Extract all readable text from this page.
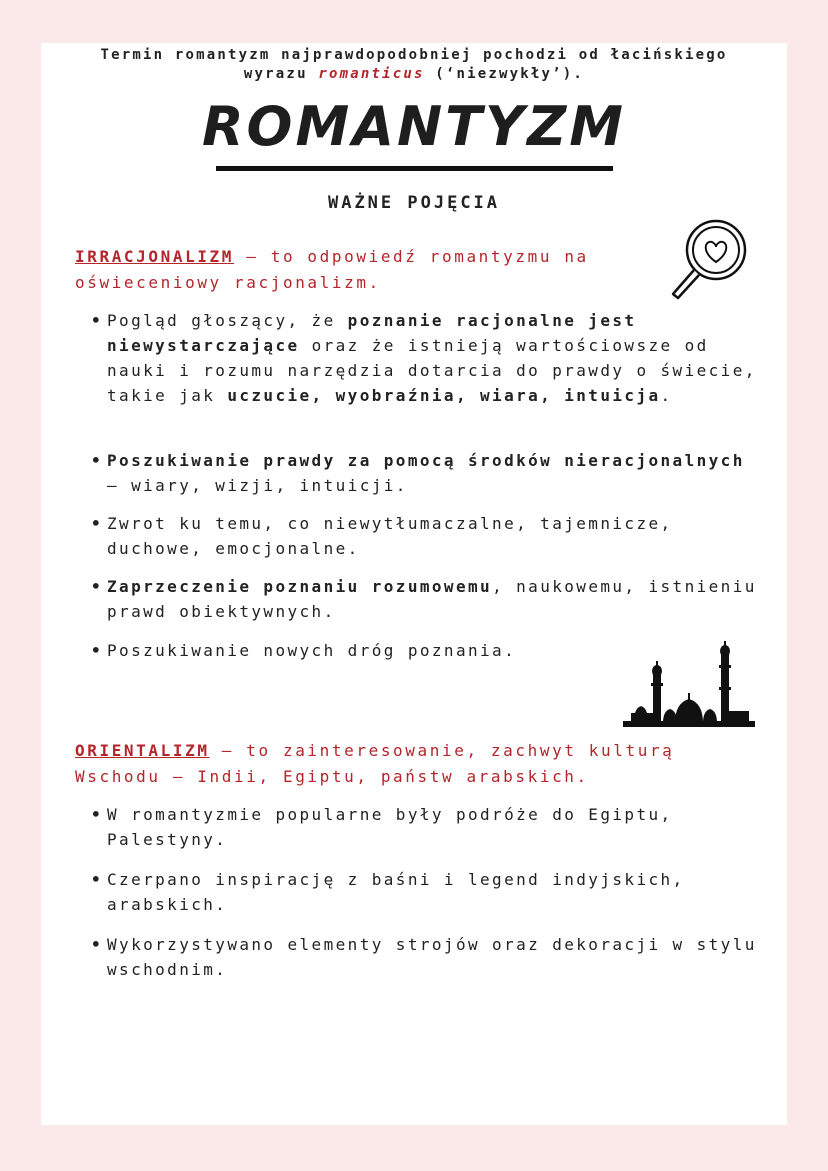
Termin romantyzm najprawdopodobniej pochodzi od łacińskiego
wyrazu romanticus (‘niezwykły’).
ROMANTYZM
WAŻNE POJĘCIA
IRRACJONALIZM – to odpowiedź romantyzmu na oświeceniowy racjonalizm.
• Pogląd głoszący, że poznanie racjonalne jest niewystarczające oraz że istnieją wartościowsze od nauki i rozumu narzędzia dotarcia do prawdy o świecie, takie jak uczucie, wyobraźnia, wiara, intuicja.
• Poszukiwanie prawdy za pomocą środków nieracjonalnych – wiary, wizji, intuicji.
• Zwrot ku temu, co niewytłumaczalne, tajemnicze, duchowe, emocjonalne.
• Zaprzeczenie poznaniu rozumowemu, naukowemu, istnieniu prawd obiektywnych.
• Poszukiwanie nowych dróg poznania.
ORIENTALIZM – to zainteresowanie, zachwyt kulturą Wschodu – Indii, Egiptu, państw arabskich.
• W romantyzmie popularne były podróże do Egiptu, Palestyny.
• Czerpano inspirację z baśni i legend indyjskich, arabskich.
• Wykorzystywano elementy strojów oraz dekoracji w stylu wschodnim.
